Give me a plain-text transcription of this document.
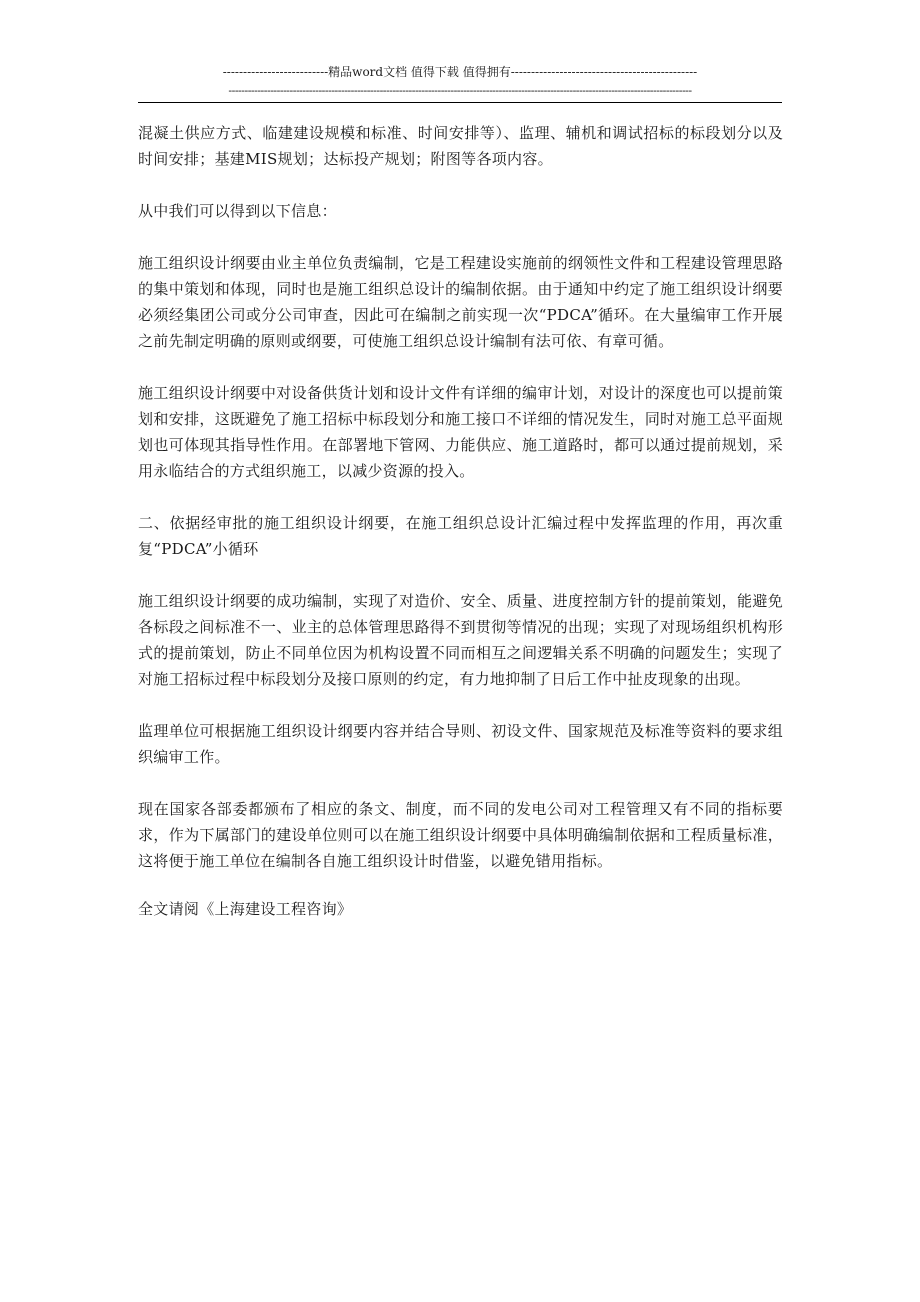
--------------------------精品word文档 值得下载 值得拥有----------------------------------------------
------------------------------------------------------------------------------------------------------------------------------------------------

混凝土供应方式、临建建设规模和标准、时间安排等）、监理、辅机和调试招标的标段划分以及时间安排；基建MIS规划；达标投产规划；附图等各项内容。

从中我们可以得到以下信息：

施工组织设计纲要由业主单位负责编制，它是工程建设实施前的纲领性文件和工程建设管理思路的集中策划和体现，同时也是施工组织总设计的编制依据。由于通知中约定了施工组织设计纲要必须经集团公司或分公司审查，因此可在编制之前实现一次“PDCA”循环。在大量编审工作开展之前先制定明确的原则或纲要，可使施工组织总设计编制有法可依、有章可循。

施工组织设计纲要中对设备供货计划和设计文件有详细的编审计划，对设计的深度也可以提前策划和安排，这既避免了施工招标中标段划分和施工接口不详细的情况发生，同时对施工总平面规划也可体现其指导性作用。在部署地下管网、力能供应、施工道路时，都可以通过提前规划，采用永临结合的方式组织施工，以减少资源的投入。

二、依据经审批的施工组织设计纲要，在施工组织总设计汇编过程中发挥监理的作用，再次重复“PDCA”小循环

施工组织设计纲要的成功编制，实现了对造价、安全、质量、进度控制方针的提前策划，能避免各标段之间标准不一、业主的总体管理思路得不到贯彻等情况的出现；实现了对现场组织机构形式的提前策划，防止不同单位因为机构设置不同而相互之间逻辑关系不明确的问题发生；实现了对施工招标过程中标段划分及接口原则的约定，有力地抑制了日后工作中扯皮现象的出现。

监理单位可根据施工组织设计纲要内容并结合导则、初设文件、国家规范及标准等资料的要求组织编审工作。

现在国家各部委都颁布了相应的条文、制度，而不同的发电公司对工程管理又有不同的指标要求，作为下属部门的建设单位则可以在施工组织设计纲要中具体明确编制依据和工程质量标准，这将便于施工单位在编制各自施工组织设计时借鉴，以避免错用指标。

全文请阅《上海建设工程咨询》
